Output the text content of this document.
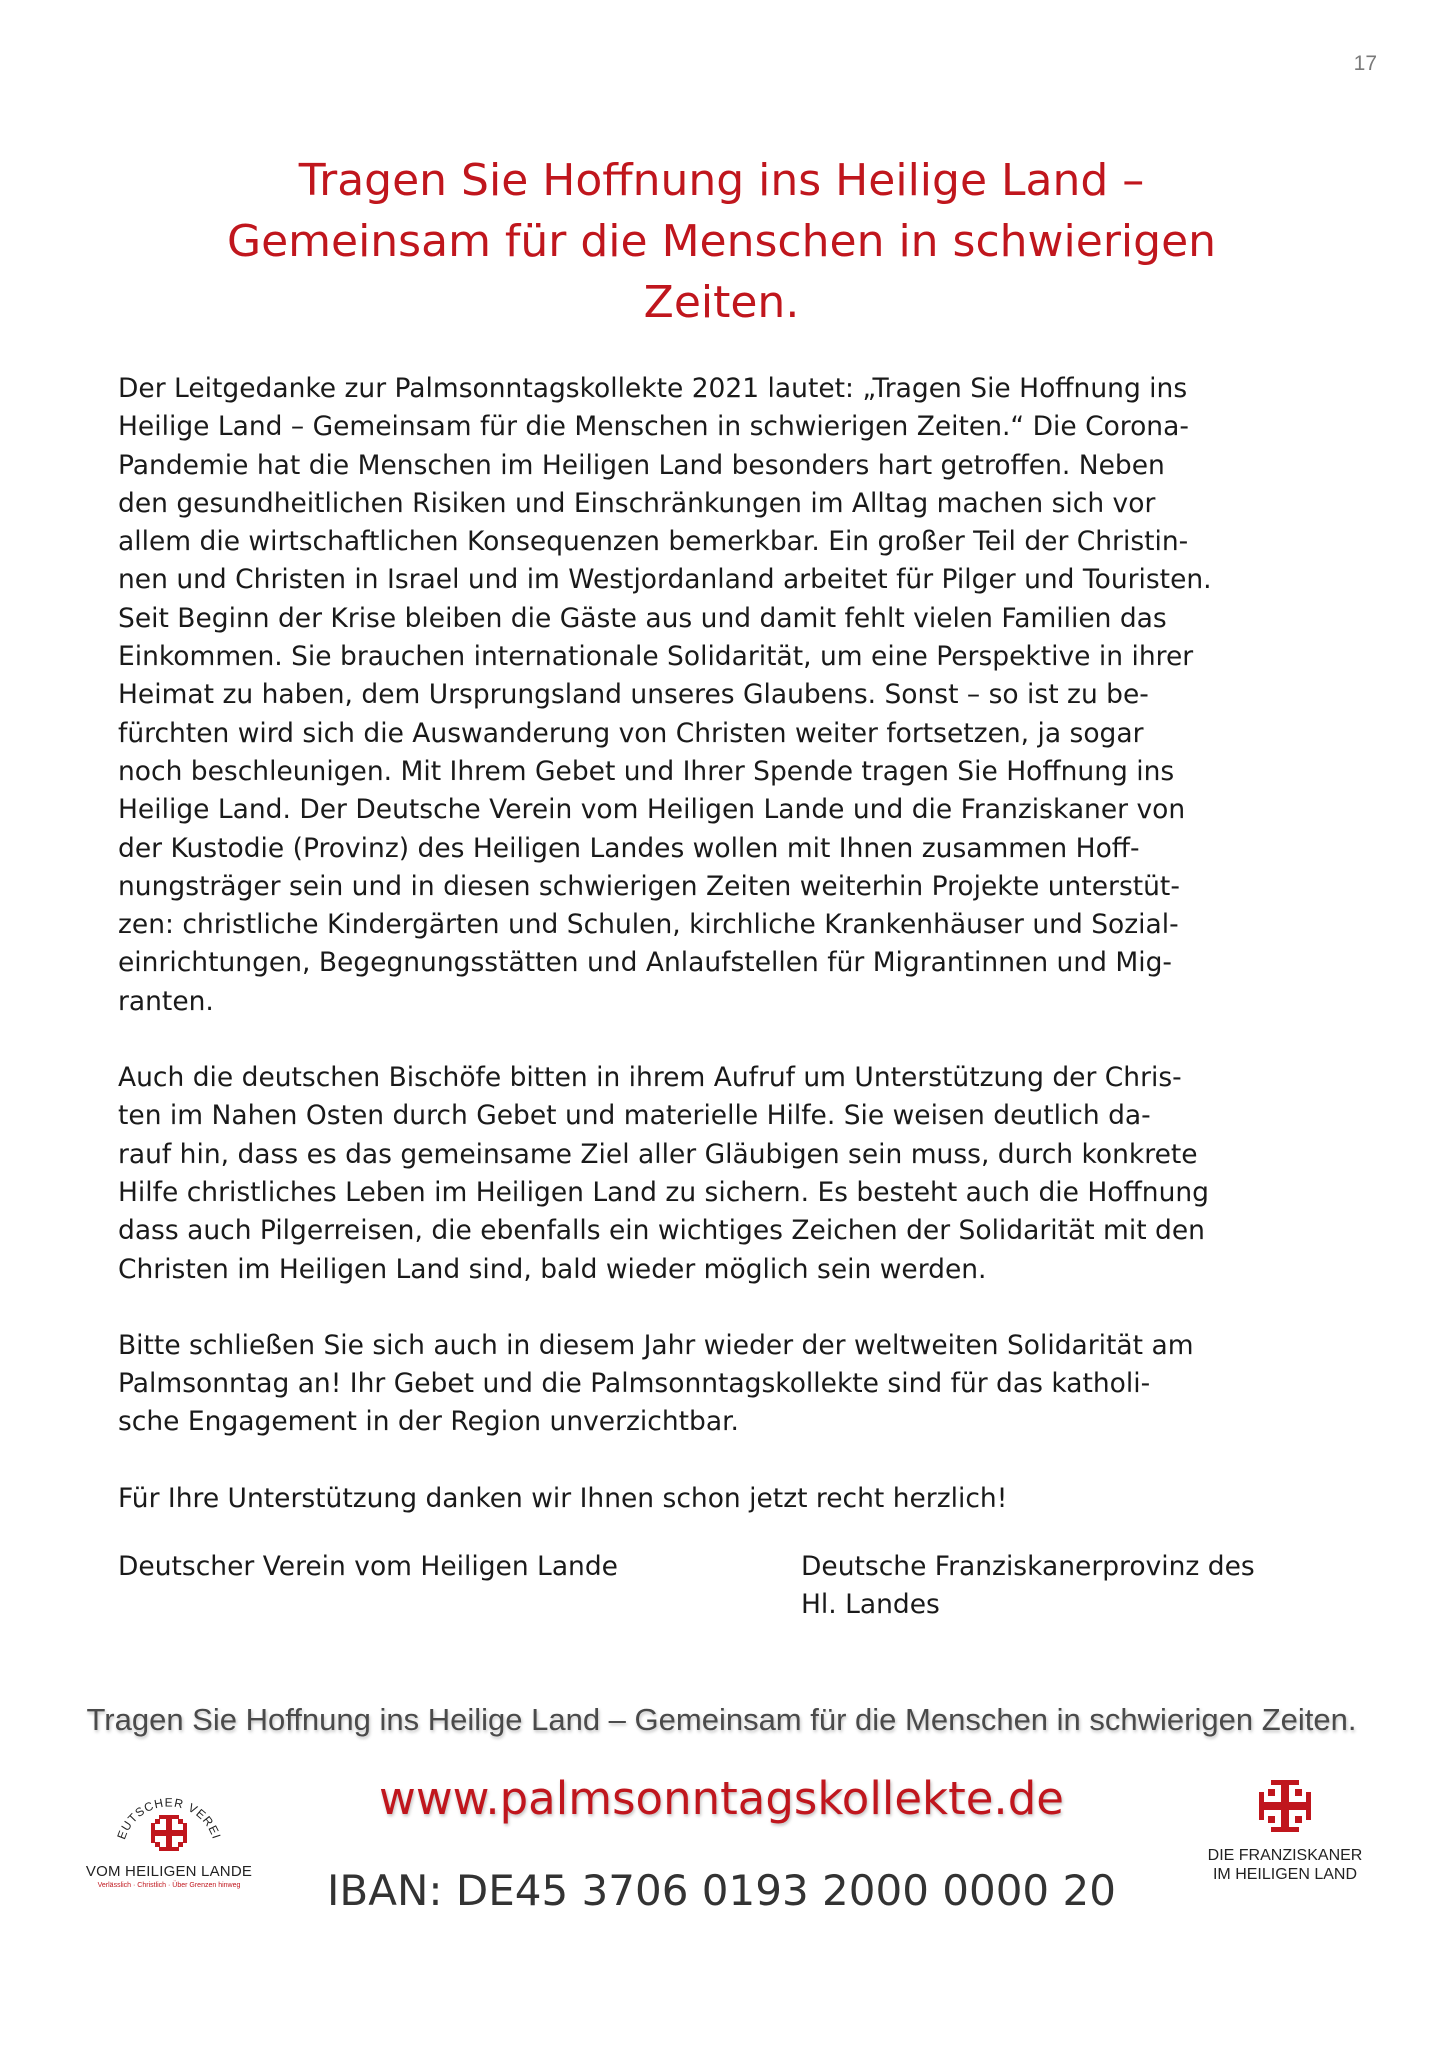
17
Tragen Sie Hoffnung ins Heilige Land –
Gemeinsam für die Menschen in schwierigen
Zeiten.

Der Leitgedanke zur Palmsonntagskollekte 2021 lautet: „Tragen Sie Hoffnung ins
Heilige Land – Gemeinsam für die Menschen in schwierigen Zeiten.“ Die Corona-
Pandemie hat die Menschen im Heiligen Land besonders hart getroffen. Neben
den gesundheitlichen Risiken und Einschränkungen im Alltag machen sich vor
allem die wirtschaftlichen Konsequenzen bemerkbar. Ein großer Teil der Christin-
nen und Christen in Israel und im Westjordanland arbeitet für Pilger und Touristen.
Seit Beginn der Krise bleiben die Gäste aus und damit fehlt vielen Familien das
Einkommen. Sie brauchen internationale Solidarität, um eine Perspektive in ihrer
Heimat zu haben, dem Ursprungsland unseres Glaubens. Sonst – so ist zu be-
fürchten wird sich die Auswanderung von Christen weiter fortsetzen, ja sogar
noch beschleunigen. Mit Ihrem Gebet und Ihrer Spende tragen Sie Hoffnung ins
Heilige Land. Der Deutsche Verein vom Heiligen Lande und die Franziskaner von
der Kustodie (Provinz) des Heiligen Landes wollen mit Ihnen zusammen Hoff-
nungsträger sein und in diesen schwierigen Zeiten weiterhin Projekte unterstüt-
zen: christliche Kindergärten und Schulen, kirchliche Krankenhäuser und Sozial-
einrichtungen, Begegnungsstätten und Anlaufstellen für Migrantinnen und Mig-
ranten.

Auch die deutschen Bischöfe bitten in ihrem Aufruf um Unterstützung der Chris-
ten im Nahen Osten durch Gebet und materielle Hilfe. Sie weisen deutlich da-
rauf hin, dass es das gemeinsame Ziel aller Gläubigen sein muss, durch konkrete
Hilfe christliches Leben im Heiligen Land zu sichern. Es besteht auch die Hoffnung
dass auch Pilgerreisen, die ebenfalls ein wichtiges Zeichen der Solidarität mit den
Christen im Heiligen Land sind, bald wieder möglich sein werden.

Bitte schließen Sie sich auch in diesem Jahr wieder der weltweiten Solidarität am
Palmsonntag an! Ihr Gebet und die Palmsonntagskollekte sind für das katholi-
sche Engagement in der Region unverzichtbar.

Für Ihre Unterstützung danken wir Ihnen schon jetzt recht herzlich!

Deutscher Verein vom Heiligen Lande	Deutsche Franziskanerprovinz des
Hl. Landes
Tragen Sie Hoffnung ins Heilige Land – Gemeinsam für die Menschen in schwierigen Zeiten.
EUTSCHER VEREI
VOM HEILIGEN LANDE
Verlässlich · Christlich · Über Grenzen hinweg
www.palmsonntagskollekte.de
IBAN: DE45 3706 0193 2000 0000 20
DIE FRANZISKANER
IM HEILIGEN LAND
